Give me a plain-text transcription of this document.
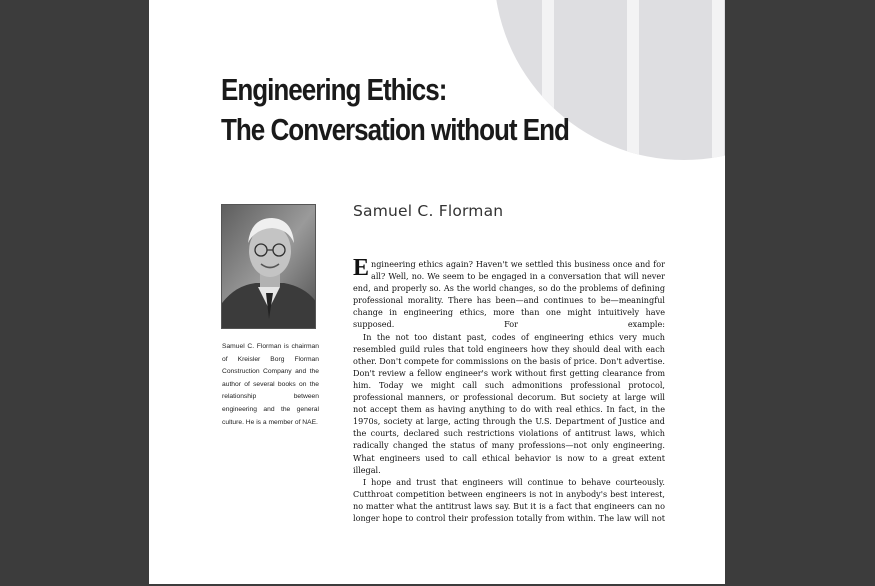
Engineering Ethics:
The Conversation without End

Samuel C. Florman is chairman of Kreisler Borg Florman Construction Company and the author of several books on the relationship between engineering and the general culture. He is a member of NAE.

Samuel C. Florman

Engineering ethics again? Haven't we settled this business once and for all? Well, no. We seem to be engaged in a conversation that will never end, and properly so. As the world changes, so do the problems of defining professional morality. There has been—and continues to be—meaningful change in engineering ethics, more than one might intuitively have supposed. For example:

In the not too distant past, codes of engineering ethics very much resembled guild rules that told engineers how they should deal with each other. Don't compete for commissions on the basis of price. Don't advertise. Don't review a fellow engineer's work without first getting clearance from him. Today we might call such admonitions professional protocol, professional manners, or professional decorum. But society at large will not accept them as having anything to do with real ethics. In fact, in the 1970s, society at large, acting through the U.S. Department of Justice and the courts, declared such restrictions violations of antitrust laws, which radically changed the status of many professions—not only engineering. What engineers used to call ethical behavior is now to a great extent illegal.

I hope and trust that engineers will continue to behave courteously. Cutthroat competition between engineers is not in anybody's best interest, no matter what the antitrust laws say. But it is a fact that engineers can no longer hope to control their profession totally from within. The law will not
